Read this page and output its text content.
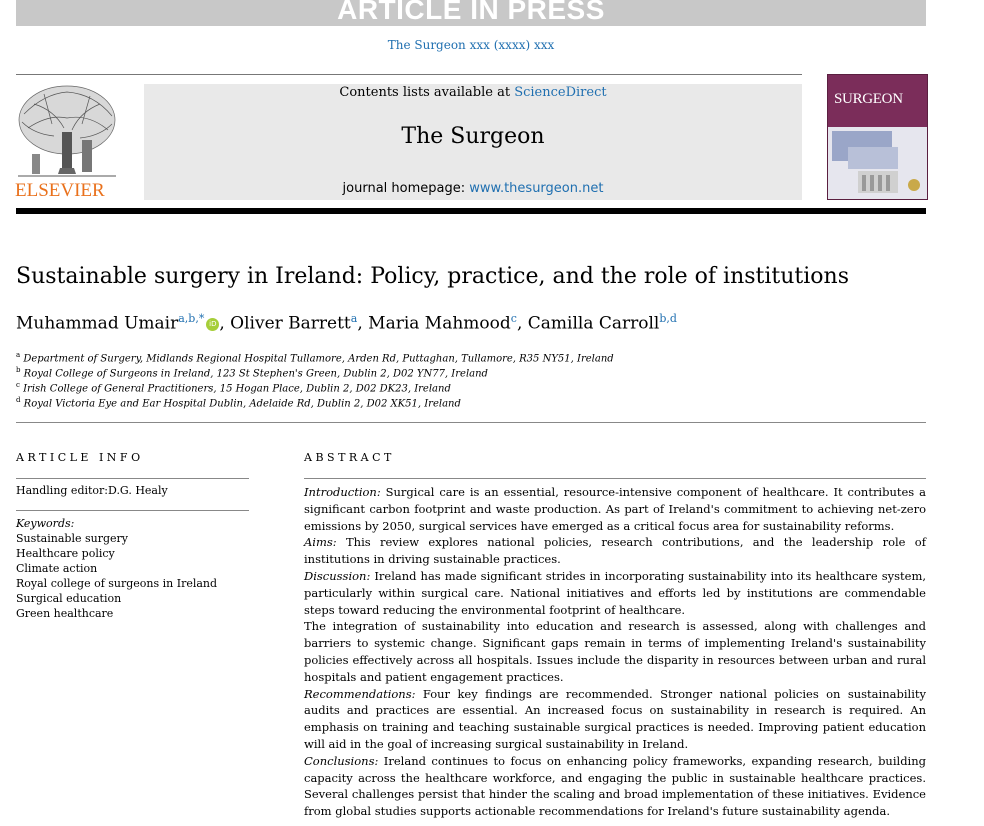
ARTICLE IN PRESS
The Surgeon xxx (xxxx) xxx
ELSEVIER
Contents lists available at ScienceDirect
The Surgeon
journal homepage: www.thesurgeon.net
SURGEON
Sustainable surgery in Ireland: Policy, practice, and the role of institutions
Muhammad Umair$^{a,b,*}$ iD , Oliver Barrett$^a$, Maria Mahmood$^c$, Camilla Carroll$^{b,d}$
$^a$ Department of Surgery, Midlands Regional Hospital Tullamore, Arden Rd, Puttaghan, Tullamore, R35 NY51, Ireland
$^b$ Royal College of Surgeons in Ireland, 123 St Stephen's Green, Dublin 2, D02 YN77, Ireland
$^c$ Irish College of General Practitioners, 15 Hogan Place, Dublin 2, D02 DK23, Ireland
$^d$ Royal Victoria Eye and Ear Hospital Dublin, Adelaide Rd, Dublin 2, D02 XK51, Ireland
ARTICLE INFO	ABSTRACT
Handling editor:D.G. Healy
Keywords:
Sustainable surgery
Healthcare policy
Climate action
Royal college of surgeons in Ireland
Surgical education
Green healthcare

Introduction: Surgical care is an essential, resource-intensive component of healthcare. It contributes a significant carbon footprint and waste production. As part of Ireland's commitment to achieving net-zero emissions by 2050, surgical services have emerged as a critical focus area for sustainability reforms.

Aims: This review explores national policies, research contributions, and the leadership role of institutions in driving sustainable practices.

Discussion: Ireland has made significant strides in incorporating sustainability into its healthcare system, particularly within surgical care. National initiatives and efforts led by institutions are commendable steps toward reducing the environmental footprint of healthcare.

The integration of sustainability into education and research is assessed, along with challenges and barriers to systemic change. Significant gaps remain in terms of implementing Ireland's sustainability policies effectively across all hospitals. Issues include the disparity in resources between urban and rural hospitals and patient engagement practices.

Recommendations: Four key findings are recommended. Stronger national policies on sustainability audits and practices are essential. An increased focus on sustainability in research is required. An emphasis on training and teaching sustainable surgical practices is needed. Improving patient education will aid in the goal of increasing surgical sustainability in Ireland.

Conclusions: Ireland continues to focus on enhancing policy frameworks, expanding research, building capacity across the healthcare workforce, and engaging the public in sustainable healthcare practices. Several challenges persist that hinder the scaling and broad implementation of these initiatives. Evidence from global studies supports actionable recommendations for Ireland's future sustainability agenda.
